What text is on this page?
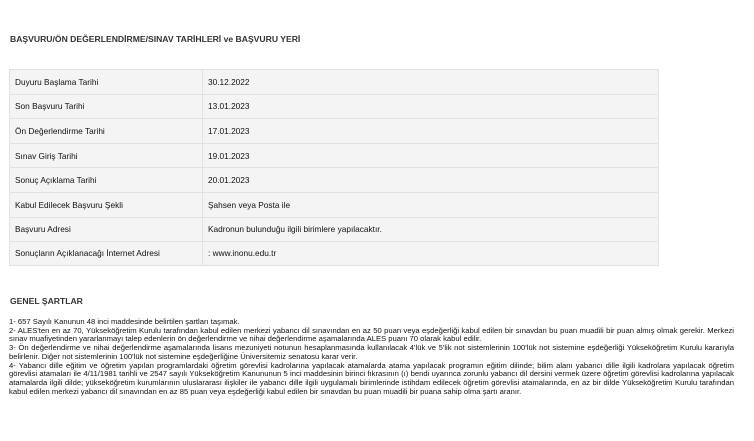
BAŞVURU/ÖN DEĞERLENDİRME/SINAV TARİHLERİ ve BAŞVURU YERİ
Duyuru Başlama Tarihi	30.12.2022
Son Başvuru Tarihi	13.01.2023
Ön Değerlendirme Tarihi	17.01.2023
Sınav Giriş Tarihi	19.01.2023
Sonuç Açıklama Tarihi	20.01.2023
Kabul Edilecek Başvuru Şekli	Şahsen veya Posta ile
Başvuru Adresi	Kadronun bulunduğu ilgili birimlere yapılacaktır.
Sonuçların Açıklanacağı İnternet Adresi	: www.inonu.edu.tr
GENEL ŞARTLAR

1- 657 Sayılı Kanunun 48 inci maddesinde belirtilen şartları taşımak.

2- ALES'ten en az 70, Yükseköğretim Kurulu tarafından kabul edilen merkezi yabancı dil sınavından en az 50 puan veya eşdeğerliği kabul edilen bir sınavdan bu puan muadili bir puan almış olmak gerekir. Merkezi sınav muafiyetinden yararlanmayı talep edenlerin ön değerlendirme ve nihai değerlendirme aşamalarında ALES puanı 70 olarak kabul edilir.

3- Ön değerlendirme ve nihai değerlendirme aşamalarında lisans mezuniyeti notunun hesaplanmasında kullanılacak 4'lük ve 5'lik not sistemlerinin 100'lük not sistemine eşdeğerliği Yükseköğretim Kurulu kararıyla belirlenir. Diğer not sistemlerinin 100'lük not sistemine eşdeğerliğine Üniversitemiz senatosu karar verir.

4- Yabancı dille eğitim ve öğretim yapılan programlardaki öğretim görevlisi kadrolarına yapılacak atamalarda atama yapılacak programın eğitim dilinde; bilim alanı yabancı dille ilgili kadrolara yapılacak öğretim görevlisi atamaları ile 4/11/1981 tarihli ve 2547 sayılı Yükseköğretim Kanununun 5 inci maddesinin birinci fıkrasının (ı) bendi uyarınca zorunlu yabancı dil dersini vermek üzere öğretim görevlisi kadrolarına yapılacak atamalarda ilgili dilde; yükseköğretim kurumlarının uluslararası ilişkiler ile yabancı dille ilgili uygulamalı birimlerinde istihdam edilecek öğretim görevlisi atamalarında, en az bir dilde Yükseköğretim Kurulu tarafından kabul edilen merkezi yabancı dil sınavından en az 85 puan veya eşdeğerliği kabul edilen bir sınavdan bu puan muadili bir puana sahip olma şartı aranır.
